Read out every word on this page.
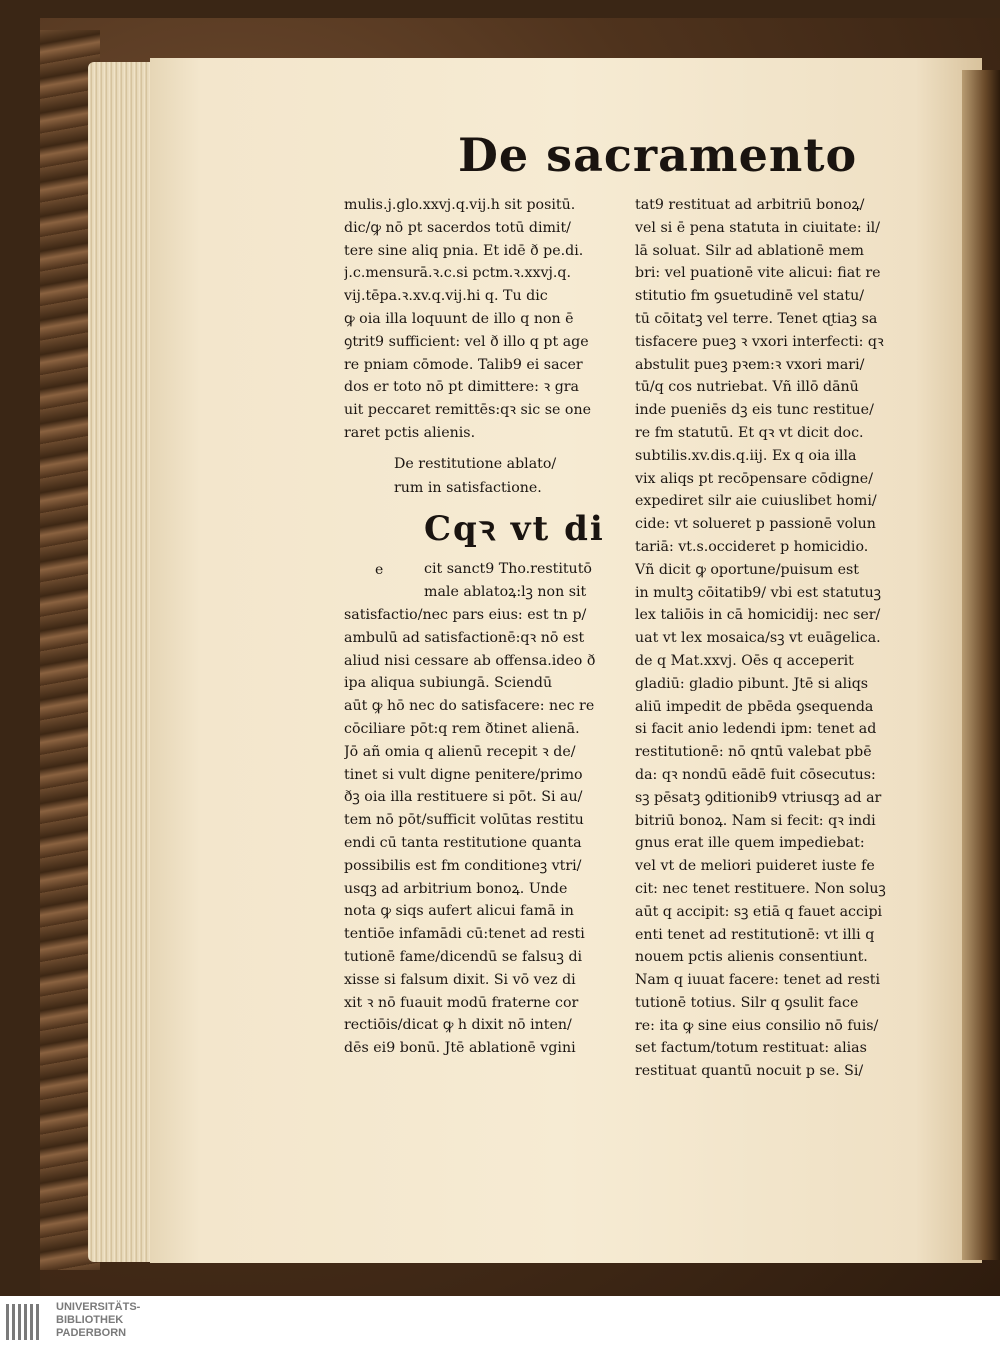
De sacramento
mulis.j.glo.xxvj.q.vij.h sit positū.
dic/ꝙ nō pt sacerdos totū dimit/
tere sine aliq pnia. Et idē ð pe.di.
j.c.mensurā.ꝛ.c.si pctm.ꝛ.xxvj.q.
vij.tēpa.ꝛ.xv.q.vij.hi q. Tu dic
ꝙ oia illa loquunt de illo q non ē
ꝯtrit9 sufficient: vel ð illo q pt age
re pniam cōmode. Talib9 ei sacer
dos er toto nō pt dimittere: ꝛ gra
uit peccaret remittēs:qꝛ sic se one
raret pctis alienis.
De restitutione ablato/
rum in satisfactione.
Cqꝛ vt di
e	cit sanct9 Tho.restitutō
male ablatoꝝ:lꝫ non sit
satisfactio/nec pars eius: est tn p/
ambulū ad satisfactionē:qꝛ nō est
aliud nisi cessare ab offensa.ideo ð
ipa aliqua subiungā. Sciendū
aūt ꝙ hō nec do satisfacere: nec re
cōciliare pōt:q rem ðtinet alienā.
Jō añ omia q alienū recepit ꝛ de/
tinet si vult digne penitere/primo
ðꝫ oia illa restituere si pōt. Si au/
tem nō pōt/sufficit volūtas restitu
endi cū tanta restitutione quanta
possibilis est fm conditioneꝫ vtri/
usqꝫ ad arbitrium bonoꝝ. Unde
nota ꝙ siqs aufert alicui famā in
tentiōe infamādi cū:tenet ad resti
tutionē fame/dicendū se falsuꝫ di
xisse si falsum dixit. Si vō vez di
xit ꝛ nō fuauit modū fraterne cor
rectiōis/dicat ꝙ h dixit nō inten/
dēs ei9 bonū. Jtē ablationē vgini
tat9 restituat ad arbitriū bonoꝝ/
vel si ē pena statuta in ciuitate: il/
lā soluat. Silr ad ablationē mem
bri: vel puationē vite alicui: fiat re
stitutio fm ꝯsuetudinē vel statu/
tū cōitatꝫ vel terre. Tenet ɋtiaꝫ sa
tisfacere pueꝫ ꝛ vxori interfecti: qꝛ
abstulit pueꝫ pꝛem:ꝛ vxori mari/
tū/q cos nutriebat. Vñ illō dānū
inde pueniēs dꝫ eis tunc restitue/
re fm statutū. Et qꝛ vt dicit doc.
subtilis.xv.dis.q.iij. Ex q oia illa
vix aliqs pt recōpensare cōdigne/
expediret silr aie cuiuslibet homi/
cide: vt solueret p passionē volun
tariā: vt.s.occideret p homicidio.
Vñ dicit ꝙ oportune/puisum est
in multꝫ cōitatib9/ vbi est statutuꝫ
lex taliōis in cā homicidij: nec ser/
uat vt lex mosaica/sꝫ vt euāgelica.
de q Mat.xxvj. Oēs q acceperit
gladiū: gladio pibunt. Jtē si aliqs
aliū impedit de pbēda ꝯsequenda
si facit anio ledendi ipm: tenet ad
restitutionē: nō qntū valebat pbē
da: qꝛ nondū eādē fuit cōsecutus:
sꝫ pēsatꝫ ꝯditionib9 vtriusqꝫ ad ar
bitriū bonoꝝ. Nam si fecit: qꝛ indi
gnus erat ille quem impediebat:
vel vt de meliori puideret iuste fe
cit: nec tenet restituere. Non soluꝫ
aūt q accipit: sꝫ etiā q fauet accipi
enti tenet ad restitutionē: vt illi q
nouem pctis alienis consentiunt.
Nam q iuuat facere: tenet ad resti
tutionē totius. Silr q ꝯsulit face
re: ita ꝙ sine eius consilio nō fuis/
set factum/totum restituat: alias
restituat quantū nocuit p se. Si/
UNIVERSITÄTS-
BIBLIOTHEK
PADERBORN
